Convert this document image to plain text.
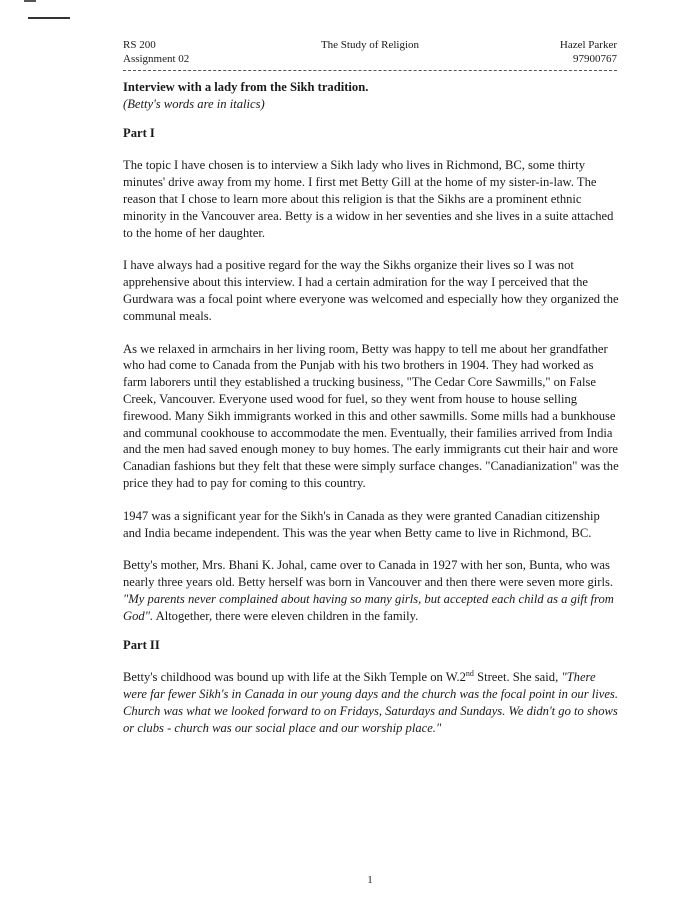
RS 200
Assignment 02
The Study of Religion	Hazel Parker
97900767

Interview with a lady from the Sikh tradition.

(Betty's words are in italics)

Part I

The topic I have chosen is to interview a Sikh lady who lives in Richmond, BC, some thirty minutes' drive away from my home. I first met Betty Gill at the home of my sister-in-law. The reason that I chose to learn more about this religion is that the Sikhs are a prominent ethnic minority in the Vancouver area. Betty is a widow in her seventies and she lives in a suite attached to the home of her daughter.

I have always had a positive regard for the way the Sikhs organize their lives so I was not apprehensive about this interview. I had a certain admiration for the way I perceived that the Gurdwara was a focal point where everyone was welcomed and especially how they organized the communal meals.

As we relaxed in armchairs in her living room, Betty was happy to tell me about her grandfather who had come to Canada from the Punjab with his two brothers in 1904. They had worked as farm laborers until they established a trucking business, "The Cedar Core Sawmills," on False Creek, Vancouver. Everyone used wood for fuel, so they went from house to house selling firewood. Many Sikh immigrants worked in this and other sawmills. Some mills had a bunkhouse and communal cookhouse to accommodate the men. Eventually, their families arrived from India and the men had saved enough money to buy homes. The early immigrants cut their hair and wore Canadian fashions but they felt that these were simply surface changes. "Canadianization" was the price they had to pay for coming to this country.

1947 was a significant year for the Sikh's in Canada as they were granted Canadian citizenship and India became independent. This was the year when Betty came to live in Richmond, BC.

Betty's mother, Mrs. Bhani K. Johal, came over to Canada in 1927 with her son, Bunta, who was nearly three years old. Betty herself was born in Vancouver and then there were seven more girls. "My parents never complained about having so many girls, but accepted each child as a gift from God". Altogether, there were eleven children in the family.

Part II

Betty's childhood was bound up with life at the Sikh Temple on W.2nd Street. She said, "There were far fewer Sikh's in Canada in our young days and the church was the focal point in our lives. Church was what we looked forward to on Fridays, Saturdays and Sundays. We didn't go to shows or clubs - church was our social place and our worship place."

1
